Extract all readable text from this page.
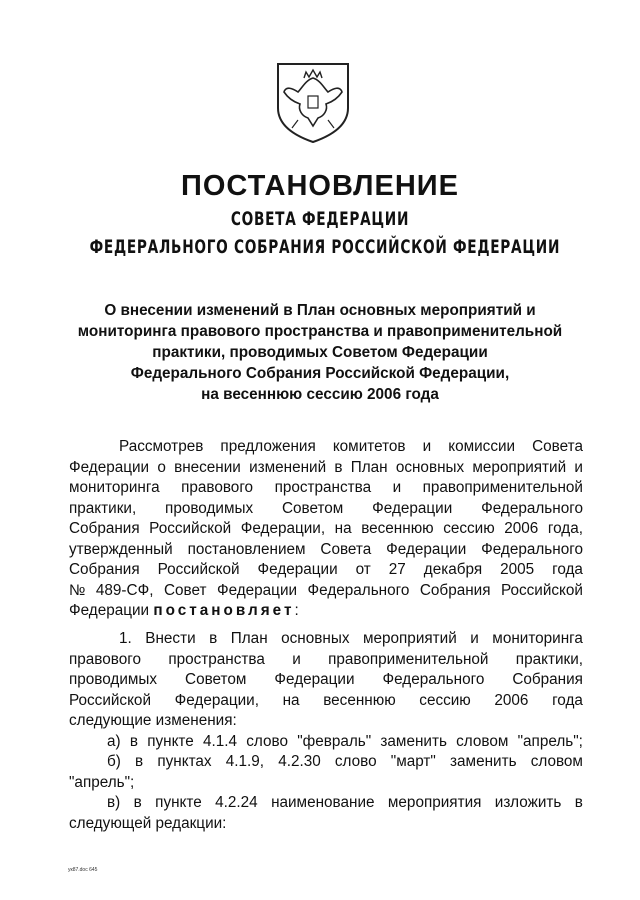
ПОСТАНОВЛЕНИЕ
СОВЕТА ФЕДЕРАЦИИ
ФЕДЕРАЛЬНОГО СОБРАНИЯ РОССИЙСКОЙ ФЕДЕРАЦИИ
О внесении изменений в План основных мероприятий и
мониторинга правового пространства и правоприменительной
практики, проводимых Советом Федерации
Федерального Собрания Российской Федерации,
на весеннюю сессию 2006 года
Рассмотрев предложения комитетов и комиссии Совета
Федерации о внесении изменений в План основных мероприятий и
мониторинга правового пространства и правоприменительной
практики, проводимых Советом Федерации Федерального
Собрания Российской Федерации, на весеннюю сессию 2006 года,
утвержденный постановлением Совета Федерации Федерального
Собрания Российской Федерации от 27 декабря 2005 года
№ 489-СФ, Совет Федерации Федерального Собрания Российской
Федерации постановляет:
1. Внести в План основных мероприятий и мониторинга
правового пространства и правоприменительной практики,
проводимых Советом Федерации Федерального Собрания
Российской Федерации, на весеннюю сессию 2006 года
следующие изменения:
а) в пункте 4.1.4 слово "февраль" заменить словом "апрель";
б) в пунктах 4.1.9, 4.2.30 слово "март" заменить словом
"апрель";
в) в пункте 4.2.24 наименование мероприятия изложить в
следующей редакции:
ук87.doc 645
